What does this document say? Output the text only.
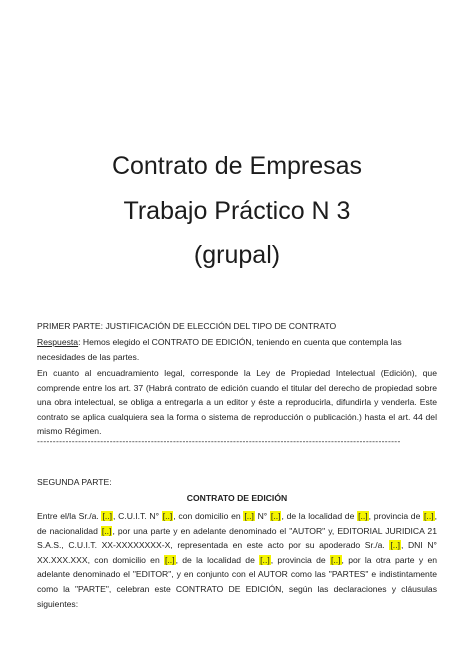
Contrato de Empresas
Trabajo Práctico N 3
(grupal)
PRIMER PARTE: JUSTIFICACIÓN DE ELECCIÓN DEL TIPO DE CONTRATO
Respuesta: Hemos elegido el CONTRATO DE EDICIÓN, teniendo en cuenta que contempla las necesidades de las partes.
En cuanto al encuadramiento legal, corresponde la Ley de Propiedad Intelectual (Edición), que comprende entre los art. 37 (Habrá contrato de edición cuando el titular del derecho de propiedad sobre una obra intelectual, se obliga a entregarla a un editor y éste a reproducirla, difundirla y venderla. Este contrato se aplica cualquiera sea la forma o sistema de reproducción o publicación.) hasta el art. 44 del mismo Régimen.
-------------------------------------------------------------------------------------------------------------------
SEGUNDA PARTE:
CONTRATO DE EDICIÓN
Entre el/la Sr./a. [..], C.U.I.T. N° [..], con domicilio en [..] N° [..], de la localidad de [..], provincia de [..], de nacionalidad [..], por una parte y en adelante denominado el "AUTOR" y, EDITORIAL JURIDICA 21 S.A.S., C.U.I.T. XX-XXXXXXXX-X, representada en este acto por su apoderado Sr./a. [..], DNI N° XX.XXX.XXX, con domicilio en [..], de la localidad de [..], provincia de [..], por la otra parte y en adelante denominado el "EDITOR", y en conjunto con el AUTOR como las "PARTES" e indistintamente como la "PARTE", celebran este CONTRATO DE EDICIÓN, según las declaraciones y cláusulas siguientes:
